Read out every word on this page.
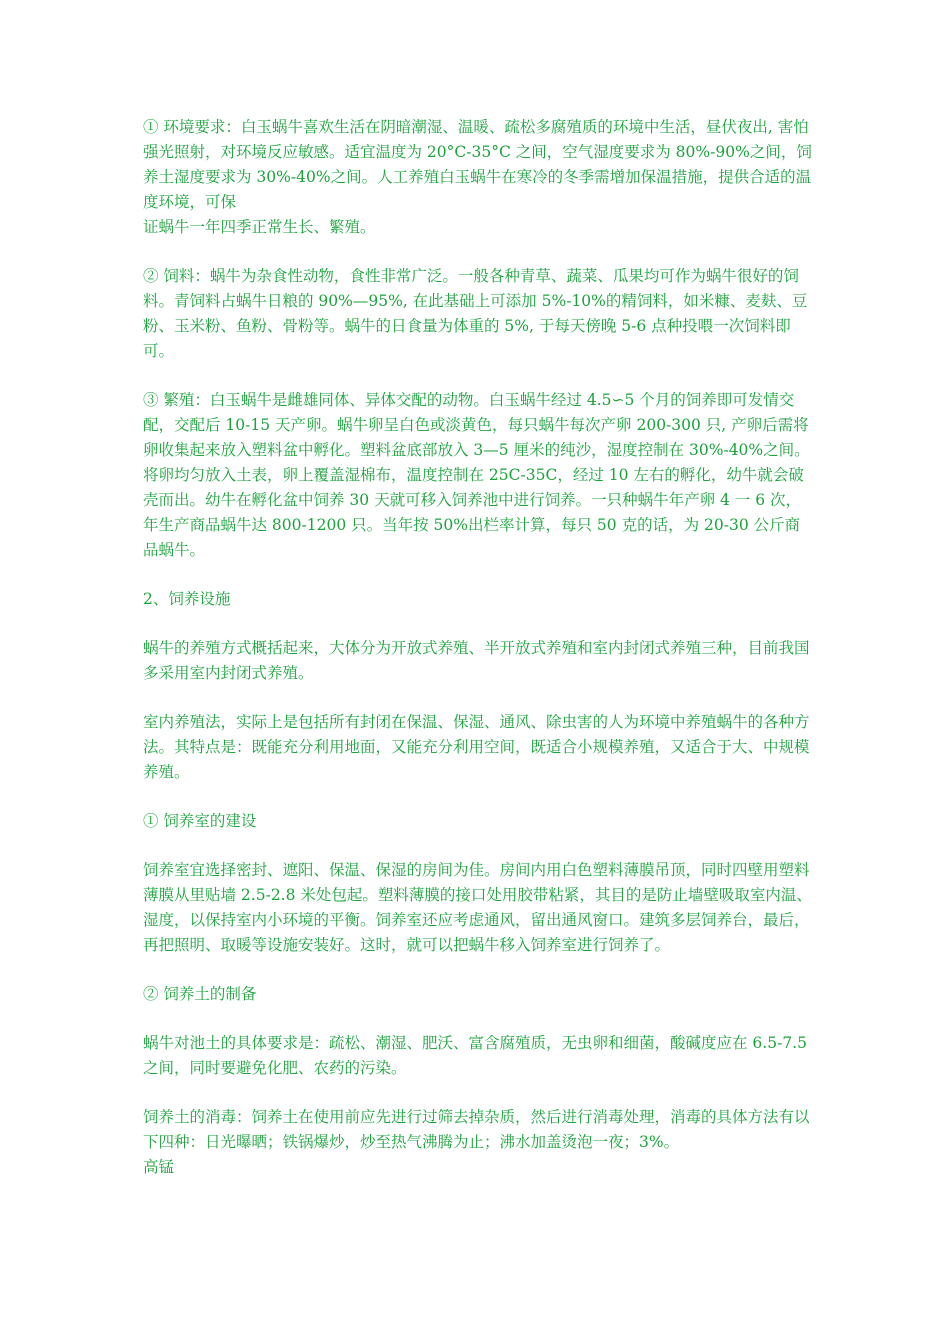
① 环境要求：白玉蜗牛喜欢生活在阴暗潮湿、温暖、疏松多腐殖质的环境中生活，昼伏夜出, 害怕强光照射，对环境反应敏感。适宜温度为 20°C-35°C 之间，空气湿度要求为 80%-90%之间，饲养土湿度要求为 30%-40%之间。人工养殖白玉蜗牛在寒冷的冬季需增加保温措施，提供合适的温度环境，可保
证蜗牛一年四季正常生长、繁殖。

② 饲料：蜗牛为杂食性动物，食性非常广泛。一般各种青草、蔬菜、瓜果均可作为蜗牛很好的饲料。青饲料占蜗牛日粮的 90%—95%, 在此基础上可添加 5%-10%的精饲料，如米糠、麦麸、豆粉、玉米粉、鱼粉、骨粉等。蜗牛的日食量为体重的 5%, 于每天傍晚 5-6 点种投喂一次饲料即可。

③ 繁殖：白玉蜗牛是雌雄同体、异体交配的动物。白玉蜗牛经过 4.5∽5 个月的饲养即可发情交配，交配后 10-15 天产卵。蜗牛卵呈白色或淡黄色，每只蜗牛每次产卵 200-300 只, 产卵后需将卵收集起来放入塑料盆中孵化。塑料盆底部放入 3—5 厘米的纯沙，湿度控制在 30%-40%之间。将卵均匀放入土表，卵上覆盖湿棉布，温度控制在 25C-35C，经过 10 左右的孵化，幼牛就会破壳而出。幼牛在孵化盆中饲养 30 天就可移入饲养池中进行饲养。一只种蜗牛年产卵 4 一 6 次，年生产商品蜗牛达 800-1200 只。当年按 50%出栏率计算，每只 50 克的话，为 20-30 公斤商品蜗牛。

2、饲养设施

蜗牛的养殖方式概括起来，大体分为开放式养殖、半开放式养殖和室内封闭式养殖三种，目前我国多采用室内封闭式养殖。

室内养殖法，实际上是包括所有封闭在保温、保湿、通风、除虫害的人为环境中养殖蜗牛的各种方法。其特点是：既能充分利用地面，又能充分利用空间，既适合小规模养殖，又适合于大、中规模养殖。

① 饲养室的建设

饲养室宜选择密封、遮阳、保温、保湿的房间为佳。房间内用白色塑料薄膜吊顶，同时四壁用塑料薄膜从里贴墙 2.5-2.8 米处包起。塑料薄膜的接口处用胶带粘紧，其目的是防止墙壁吸取室内温、湿度，以保持室内小环境的平衡。饲养室还应考虑通风，留出通风窗口。建筑多层饲养台，最后，再把照明、取暖等设施安装好。这时，就可以把蜗牛移入饲养室进行饲养了。

② 饲养土的制备

蜗牛对池土的具体要求是：疏松、潮湿、肥沃、富含腐殖质，无虫卵和细菌，酸碱度应在 6.5-7.5 之间，同时要避免化肥、农药的污染。

饲养土的消毒：饲养土在使用前应先进行过筛去掉杂质，然后进行消毒处理，消毒的具体方法有以下四种：日光曝晒；铁锅爆炒，炒至热气沸腾为止；沸水加盖烫泡一夜；3%。
高锰
